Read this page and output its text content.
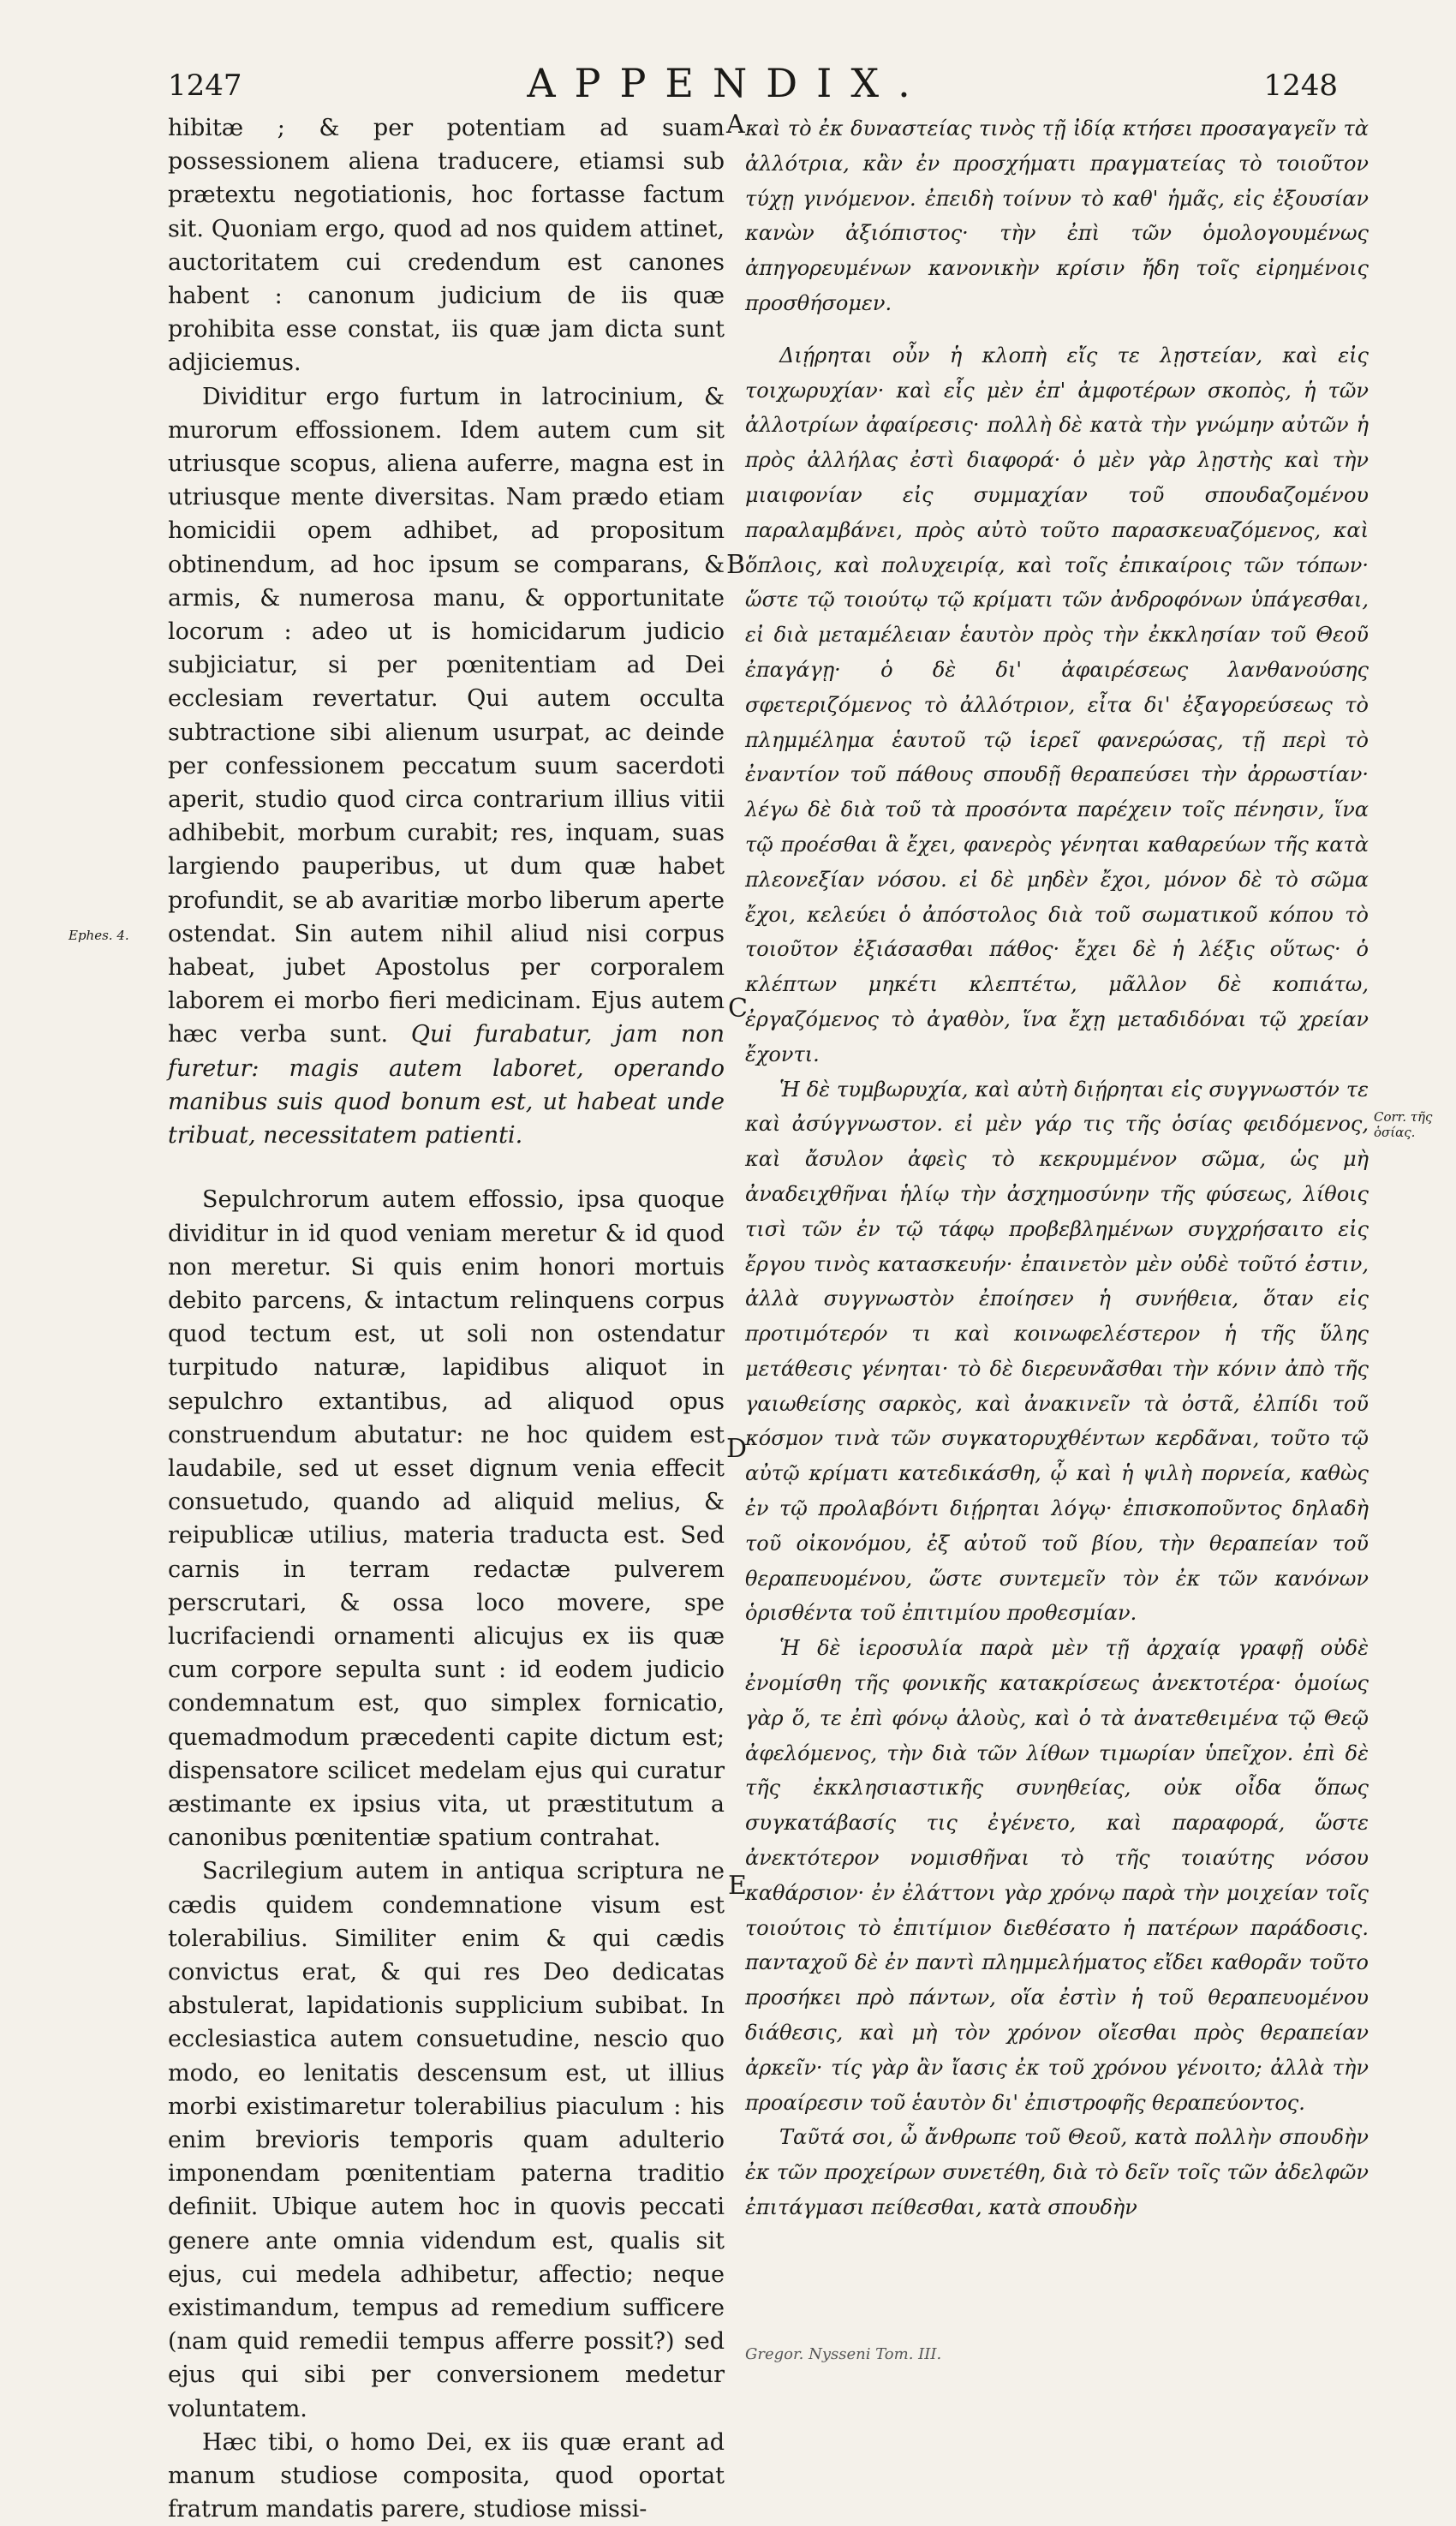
1247	APPENDIX.	1248

hibitæ ; & per potentiam ad suam possessionem aliena traducere, etiamsi sub prætextu negotiationis, hoc fortasse factum sit. Quoniam ergo, quod ad nos quidem attinet, auctoritatem cui credendum est canones habent : canonum judicium de iis quæ prohibita esse constat, iis quæ jam dicta sunt adjiciemus.

Dividitur ergo furtum in latrocinium, & murorum effossionem. Idem autem cum sit utriusque scopus, aliena auferre, magna est in utriusque mente diversitas. Nam prædo etiam homicidii opem adhibet, ad propositum obtinendum, ad hoc ipsum se comparans, & armis, & numerosa manu, & opportunitate locorum : adeo ut is homicidarum judicio subjiciatur, si per pœnitentiam ad Dei ecclesiam revertatur. Qui autem occulta subtractione sibi alienum usurpat, ac deinde per confessionem peccatum suum sacerdoti aperit, studio quod circa contrarium illius vitii adhibebit, morbum curabit; res, inquam, suas largiendo pauperibus, ut dum quæ habet profundit, se ab avaritiæ morbo liberum aperte ostendat. Sin autem nihil aliud nisi corpus habeat, jubet Apostolus per corporalem laborem ei morbo fieri medicinam. Ejus autem hæc verba sunt. Qui furabatur, jam non furetur: magis autem laboret, operando manibus suis quod bonum est, ut habeat unde tribuat, necessitatem patienti.

Sepulchrorum autem effossio, ipsa quoque dividitur in id quod veniam meretur & id quod non meretur. Si quis enim honori mortuis debito parcens, & intactum relinquens corpus quod tectum est, ut soli non ostendatur turpitudo naturæ, lapidibus aliquot in sepulchro extantibus, ad aliquod opus construendum abutatur: ne hoc quidem est laudabile, sed ut esset dignum venia effecit consuetudo, quando ad aliquid melius, & reipublicæ utilius, materia traducta est. Sed carnis in terram redactæ pulverem perscrutari, & ossa loco movere, spe lucrifaciendi ornamenti alicujus ex iis quæ cum corpore sepulta sunt : id eodem judicio condemnatum est, quo simplex fornicatio, quemadmodum præcedenti capite dictum est; dispensatore scilicet medelam ejus qui curatur æstimante ex ipsius vita, ut præstitutum a canonibus pœnitentiæ spatium contrahat.

Sacrilegium autem in antiqua scriptura ne cædis quidem condemnatione visum est tolerabilius. Similiter enim & qui cædis convictus erat, & qui res Deo dedicatas abstulerat, lapidationis supplicium subibat. In ecclesiastica autem consuetudine, nescio quo modo, eo lenitatis descensum est, ut illius morbi existimaretur tolerabilius piaculum : his enim brevioris temporis quam adulterio imponendam pœnitentiam paterna traditio definiit. Ubique autem hoc in quovis peccati genere ante omnia videndum est, qualis sit ejus, cui medela adhibetur, affectio; neque existimandum, tempus ad remedium sufficere (nam quid remedii tempus afferre possit?) sed ejus qui sibi per conversionem medetur voluntatem.

Hæc tibi, o homo Dei, ex iis quæ erant ad manum studiose composita, quod oportat fratrum mandatis parere, studiose missi-

καὶ τὸ ἐκ δυναστείας τινὸς τῇ ἰδίᾳ κτήσει προσαγαγεῖν τὰ ἀλλότρια, κἂν ἐν προσχήματι πραγματείας τὸ τοιοῦτον τύχῃ γινόμενον. ἐπειδὴ τοίνυν τὸ καθ' ἡμᾶς, εἰς ἐξουσίαν κανὼν ἀξιόπιστος· τὴν ἐπὶ τῶν ὁμολογουμένως ἀπηγορευμένων κανονικὴν κρίσιν ἤδη τοῖς εἰρημένοις προσθήσομεν.

Διῄρηται οὖν ἡ κλοπὴ εἴς τε λῃστείαν, καὶ εἰς τοιχωρυχίαν· καὶ εἷς μὲν ἐπ' ἀμφοτέρων σκοπὸς, ἡ τῶν ἀλλοτρίων ἀφαίρεσις· πολλὴ δὲ κατὰ τὴν γνώμην αὐτῶν ἡ πρὸς ἀλλήλας ἐστὶ διαφορά· ὁ μὲν γὰρ λῃστὴς καὶ τὴν μιαιφονίαν εἰς συμμαχίαν τοῦ σπουδαζομένου παραλαμβάνει, πρὸς αὐτὸ τοῦτο παρασκευαζόμενος, καὶ ὅπλοις, καὶ πολυχειρίᾳ, καὶ τοῖς ἐπικαίροις τῶν τόπων· ὥστε τῷ τοιούτῳ τῷ κρίματι τῶν ἀνδροφόνων ὑπάγεσθαι, εἰ διὰ μεταμέλειαν ἑαυτὸν πρὸς τὴν ἐκκλησίαν τοῦ Θεοῦ ἐπαγάγῃ· ὁ δὲ δι' ἀφαιρέσεως λανθανούσης σφετεριζόμενος τὸ ἀλλότριον, εἶτα δι' ἐξαγορεύσεως τὸ πλημμέλημα ἑαυτοῦ τῷ ἱερεῖ φανερώσας, τῇ περὶ τὸ ἐναντίον τοῦ πάθους σπουδῇ θεραπεύσει τὴν ἀρρωστίαν· λέγω δὲ διὰ τοῦ τὰ προσόντα παρέχειν τοῖς πένησιν, ἵνα τῷ προέσθαι ἃ ἔχει, φανερὸς γένηται καθαρεύων τῆς κατὰ πλεονεξίαν νόσου. εἰ δὲ μηδὲν ἔχοι, μόνον δὲ τὸ σῶμα ἔχοι, κελεύει ὁ ἀπόστολος διὰ τοῦ σωματικοῦ κόπου τὸ τοιοῦτον ἐξιάσασθαι πάθος· ἔχει δὲ ἡ λέξις οὕτως· ὁ κλέπτων μηκέτι κλεπτέτω, μᾶλλον δὲ κοπιάτω, ἐργαζόμενος τὸ ἀγαθὸν, ἵνα ἔχῃ μεταδιδόναι τῷ χρείαν ἔχοντι.

Ἡ δὲ τυμβωρυχία, καὶ αὐτὴ διῄρηται εἰς συγγνωστόν τε καὶ ἀσύγγνωστον. εἰ μὲν γάρ τις τῆς ὁσίας φειδόμενος, καὶ ἄσυλον ἀφεὶς τὸ κεκρυμμένον σῶμα, ὡς μὴ ἀναδειχθῆναι ἡλίῳ τὴν ἀσχημοσύνην τῆς φύσεως, λίθοις τισὶ τῶν ἐν τῷ τάφῳ προβεβλημένων συγχρήσαιτο εἰς ἔργου τινὸς κατασκευήν· ἐπαινετὸν μὲν οὐδὲ τοῦτό ἐστιν, ἀλλὰ συγγνωστὸν ἐποίησεν ἡ συνήθεια, ὅταν εἰς προτιμότερόν τι καὶ κοινωφελέστερον ἡ τῆς ὕλης μετάθεσις γένηται· τὸ δὲ διερευνᾶσθαι τὴν κόνιν ἀπὸ τῆς γαιωθείσης σαρκὸς, καὶ ἀνακινεῖν τὰ ὀστᾶ, ἐλπίδι τοῦ κόσμον τινὰ τῶν συγκατορυχθέντων κερδᾶναι, τοῦτο τῷ αὐτῷ κρίματι κατεδικάσθη, ᾧ καὶ ἡ ψιλὴ πορνεία, καθὼς ἐν τῷ προλαβόντι διῄρηται λόγῳ· ἐπισκοποῦντος δηλαδὴ τοῦ οἰκονόμου, ἐξ αὐτοῦ τοῦ βίου, τὴν θεραπείαν τοῦ θεραπευομένου, ὥστε συντεμεῖν τὸν ἐκ τῶν κανόνων ὁρισθέντα τοῦ ἐπιτιμίου προθεσμίαν.

Ἡ δὲ ἱεροσυλία παρὰ μὲν τῇ ἀρχαίᾳ γραφῇ οὐδὲ ἐνομίσθη τῆς φονικῆς κατακρίσεως ἀνεκτοτέρα· ὁμοίως γὰρ ὅ, τε ἐπὶ φόνῳ ἁλοὺς, καὶ ὁ τὰ ἀνατεθειμένα τῷ Θεῷ ἀφελόμενος, τὴν διὰ τῶν λίθων τιμωρίαν ὑπεῖχον. ἐπὶ δὲ τῆς ἐκκλησιαστικῆς συνηθείας, οὐκ οἶδα ὅπως συγκατάβασίς τις ἐγένετο, καὶ παραφορά, ὥστε ἀνεκτότερον νομισθῆναι τὸ τῆς τοιαύτης νόσου καθάρσιον· ἐν ἐλάττονι γὰρ χρόνῳ παρὰ τὴν μοιχείαν τοῖς τοιούτοις τὸ ἐπιτίμιον διεθέσατο ἡ πατέρων παράδοσις. πανταχοῦ δὲ ἐν παντὶ πλημμελήματος εἴδει καθορᾶν τοῦτο προσήκει πρὸ πάντων, οἵα ἐστὶν ἡ τοῦ θεραπευομένου διάθεσις, καὶ μὴ τὸν χρόνον οἴεσθαι πρὸς θεραπείαν ἀρκεῖν· τίς γὰρ ἂν ἴασις ἐκ τοῦ χρόνου γένοιτο; ἀλλὰ τὴν προαίρεσιν τοῦ ἑαυτὸν δι' ἐπιστροφῆς θεραπεύοντος.

Ταῦτά σοι, ὦ ἄνθρωπε τοῦ Θεοῦ, κατὰ πολλὴν σπουδὴν ἐκ τῶν προχείρων συνετέθη, διὰ τὸ δεῖν τοῖς τῶν ἀδελφῶν ἐπιτάγμασι πείθεσθαι, κατὰ σπουδὴν

A
B
C
D
E
Ephes. 4.
Corr. τῆς ὁσίας.
Gregor. Nysseni Tom. III.
